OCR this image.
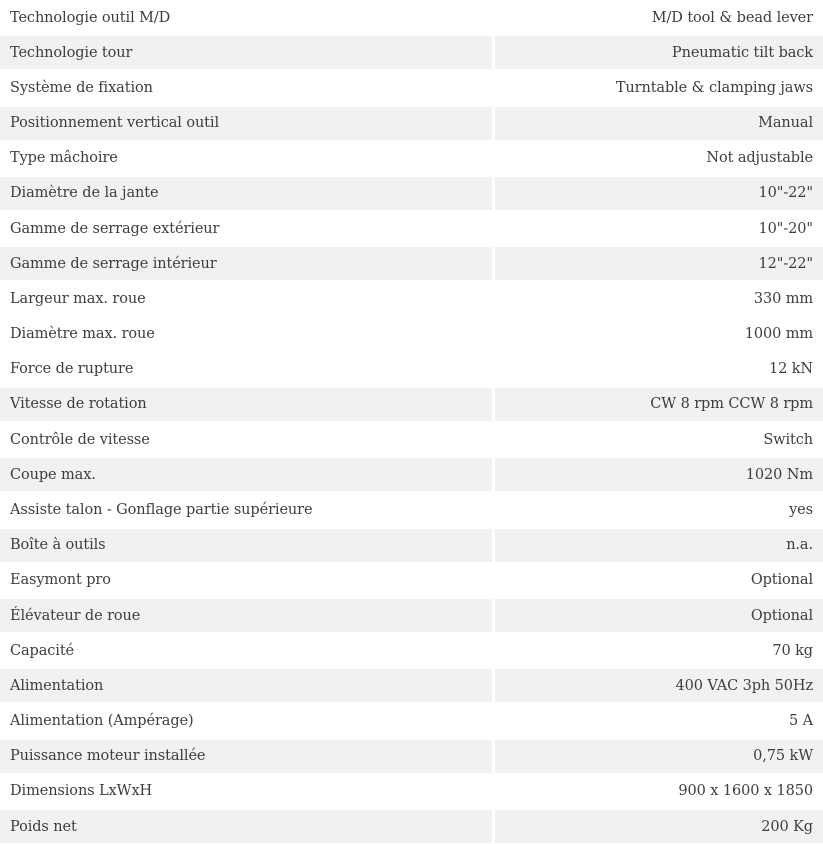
Technologie outil M/D	M/D tool & bead lever
Technologie tour	Pneumatic tilt back
Système de fixation	Turntable & clamping jaws
Positionnement vertical outil	Manual
Type mâchoire	Not adjustable
Diamètre de la jante	10"-22"
Gamme de serrage extérieur	10"-20"
Gamme de serrage intérieur	12"-22"
Largeur max. roue	330 mm
Diamètre max. roue	1000 mm
Force de rupture	12 kN
Vitesse de rotation	CW 8 rpm CCW 8 rpm
Contrôle de vitesse	Switch
Coupe max.	1020 Nm
Assiste talon - Gonflage partie supérieure	yes
Boîte à outils	n.a.
Easymont pro	Optional
Élévateur de roue	Optional
Capacité	70 kg
Alimentation	400 VAC 3ph 50Hz
Alimentation (Ampérage)	5 A
Puissance moteur installée	0,75 kW
Dimensions LxWxH	900 x 1600 x 1850
Poids net	200 Kg
